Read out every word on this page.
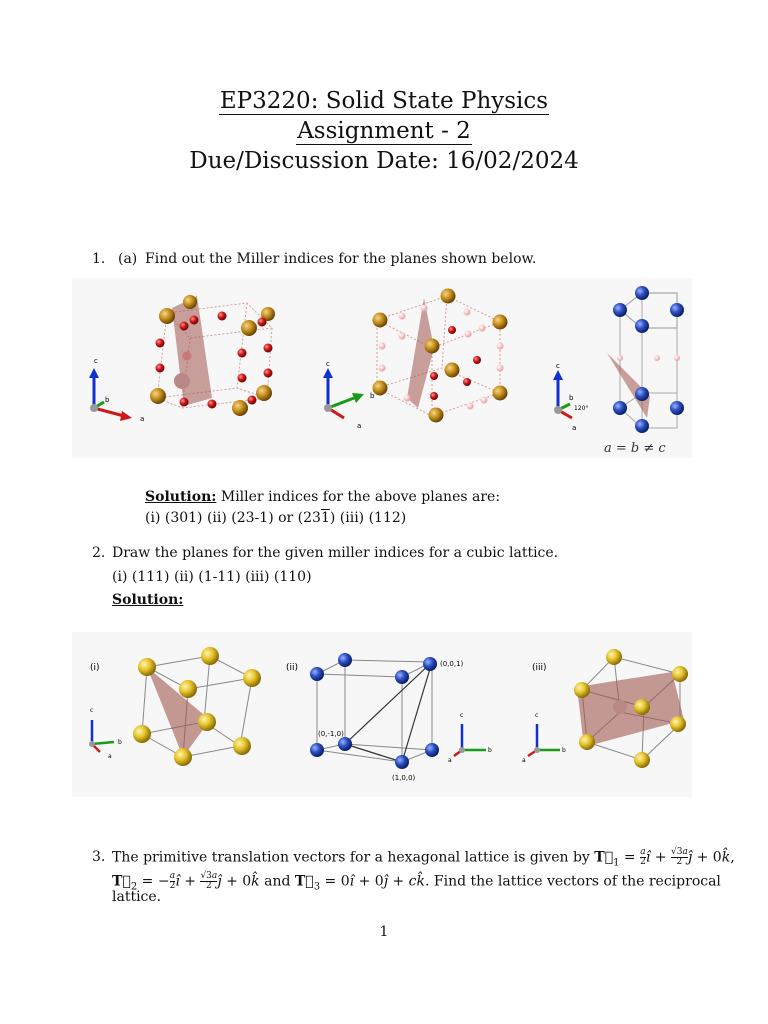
EP3220: Solid State Physics
Assignment - 2
Due/Discussion Date: 16/02/2024
1. (a) Find out the Miller indices for the planes shown below.
c
b
a
c
b
a
c
b
a
120°
a = b ≠ c
Solution: Miller indices for the above planes are:
(i) (301) (ii) (23-1) or (231) (iii) (112)
2. Draw the planes for the given miller indices for a cubic lattice.
(i) (111) (ii) (1-11) (iii) (110)
Solution:
(i)
c
b
a
(ii)	(0,0,1)
(0,-1,0)
(1,0,0)
c
b
a
(iii)
c
b
a
3. The primitive translation vectors for a hexagonal lattice is given by $T⃗_1 = \frac{a}{2}$ î + $\frac{√3a}{2}$ ĵ + 0k̂,
$T⃗_2$ = − $\frac{a}{2}$ î + $\frac{√3a}{2}$ ĵ + 0k̂ and $T⃗_3$ = 0î + 0ĵ + ck̂. Find the lattice vectors of the reciprocal
lattice.
1
